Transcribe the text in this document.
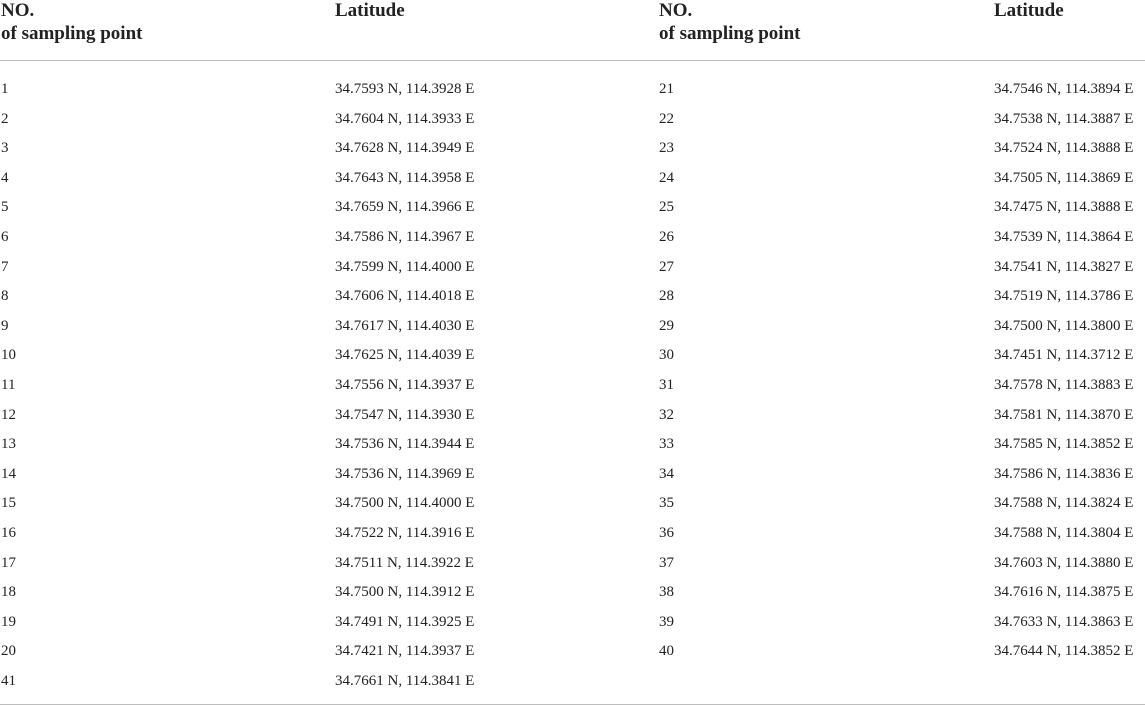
NO.
of sampling point
Latitude	NO.
of sampling point
Latitude
1	34.7593 N, 114.3928 E	21	34.7546 N, 114.3894 E
2	34.7604 N, 114.3933 E	22	34.7538 N, 114.3887 E
3	34.7628 N, 114.3949 E	23	34.7524 N, 114.3888 E
4	34.7643 N, 114.3958 E	24	34.7505 N, 114.3869 E
5	34.7659 N, 114.3966 E	25	34.7475 N, 114.3888 E
6	34.7586 N, 114.3967 E	26	34.7539 N, 114.3864 E
7	34.7599 N, 114.4000 E	27	34.7541 N, 114.3827 E
8	34.7606 N, 114.4018 E	28	34.7519 N, 114.3786 E
9	34.7617 N, 114.4030 E	29	34.7500 N, 114.3800 E
10	34.7625 N, 114.4039 E	30	34.7451 N, 114.3712 E
11	34.7556 N, 114.3937 E	31	34.7578 N, 114.3883 E
12	34.7547 N, 114.3930 E	32	34.7581 N, 114.3870 E
13	34.7536 N, 114.3944 E	33	34.7585 N, 114.3852 E
14	34.7536 N, 114.3969 E	34	34.7586 N, 114.3836 E
15	34.7500 N, 114.4000 E	35	34.7588 N, 114.3824 E
16	34.7522 N, 114.3916 E	36	34.7588 N, 114.3804 E
17	34.7511 N, 114.3922 E	37	34.7603 N, 114.3880 E
18	34.7500 N, 114.3912 E	38	34.7616 N, 114.3875 E
19	34.7491 N, 114.3925 E	39	34.7633 N, 114.3863 E
20	34.7421 N, 114.3937 E	40	34.7644 N, 114.3852 E
41	34.7661 N, 114.3841 E
